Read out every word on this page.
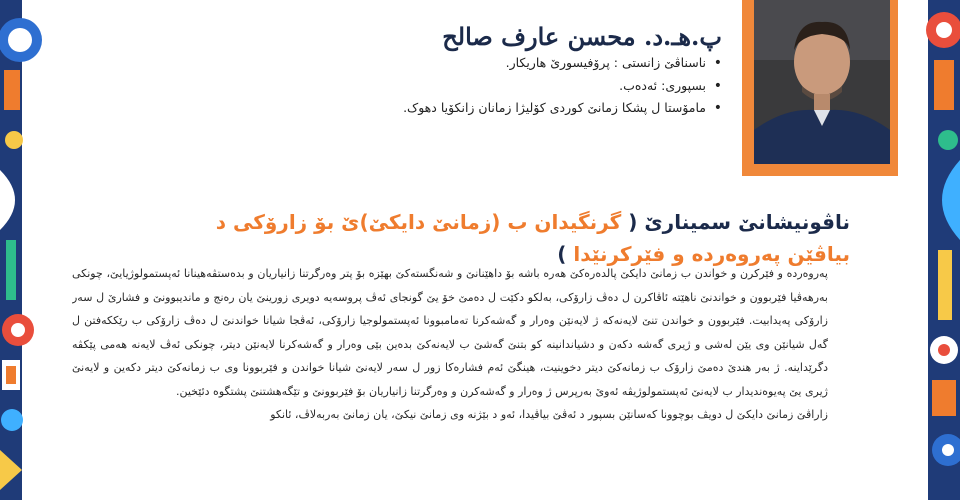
پ.هـ.د. محسن عارف صالح
• ناسناڤێ زانستی : پرۆفیسورێ هاریکار.
• بسپوری: ئەدەب.
• مامۆستا ل پشکا زمانێ کوردی کۆلیژا زمانان زانکۆیا دهوک.
ناڤونیشانێ سمینارێ ( گرنگیدان ب (زمانێ دایکێ)ێ بۆ زارۆکی د بیاڤێن پەروەردە و فێرکرنێدا )

پەروەردە و فێرکرن و خواندن ب زمانێ دایکێ پالدەرەکێ هەرە باشە بۆ داهێنانێ و شەنگستەکێ بهێزە بۆ پتر وەرگرتنا زانیاریان و بدەستڤەهینانا ئەپستمولوژیایێ، چونکی بەرهەڤیا فێربوون و خواندنێ ناهێتە ئاڤاکرن ل دەڤ زارۆکی، بەلکو دکێت ل دەمێ خۆ یێ گونجای ئەڤ پروسەیە دویرى زورینێ یان رەنج و ماندیبوونێ و فشارێ ل سەر زارۆکی پەیدابیت. فێربوون و خواندن تنێ لایەنەکە ژ لایەنێن وەرار و گەشەکرنا تەمامبوونا ئەپستمولوجیا زارۆکی، ئەڤجا شیانا خواندنێ ل دەڤ زارۆکی ب رێککەفتن ل گەل شیانێن وی یێن لەشی و ژیرى گەشە دکەن و دشیاندانینە کو بتنێ گەشێ ب لایەنەکێ بدەین بێی وەرار و گەشەکرنا لایەنێن دیتر، چونکی ئەڤ لایەنە هەمی پێکڤە دگرێداینە. ژ بەر هندێ دەمێ زارۆک ب زمانەکێ دیتر دخوینیت، هینگێ ئەم فشارەکا زور ل سەر لایەنێ شیانا خواندن و فێربوونا وی ب زمانەکێ دیتر دکەین و لایەنێ ژیرى یێ پەیوەندیدار ب لایەنێ ئەپستمولوژیڤە ئەوێ بەرپرس ژ وەرار و گەشەکرن و وەرگرتنا زانیاریان بۆ فێربوونێ و تێگەهشتنێ پشتگوە دئێخین.

زاراڤێ زمانێ دایکێ ل دویڤ بوچوونا کەسانێن بسپور د ئەڤێ بیاڤیدا، ئەو د بێژنە وی زمانێ نیکێ، یان زمانێ بەربەلاڤ، ئانکو
